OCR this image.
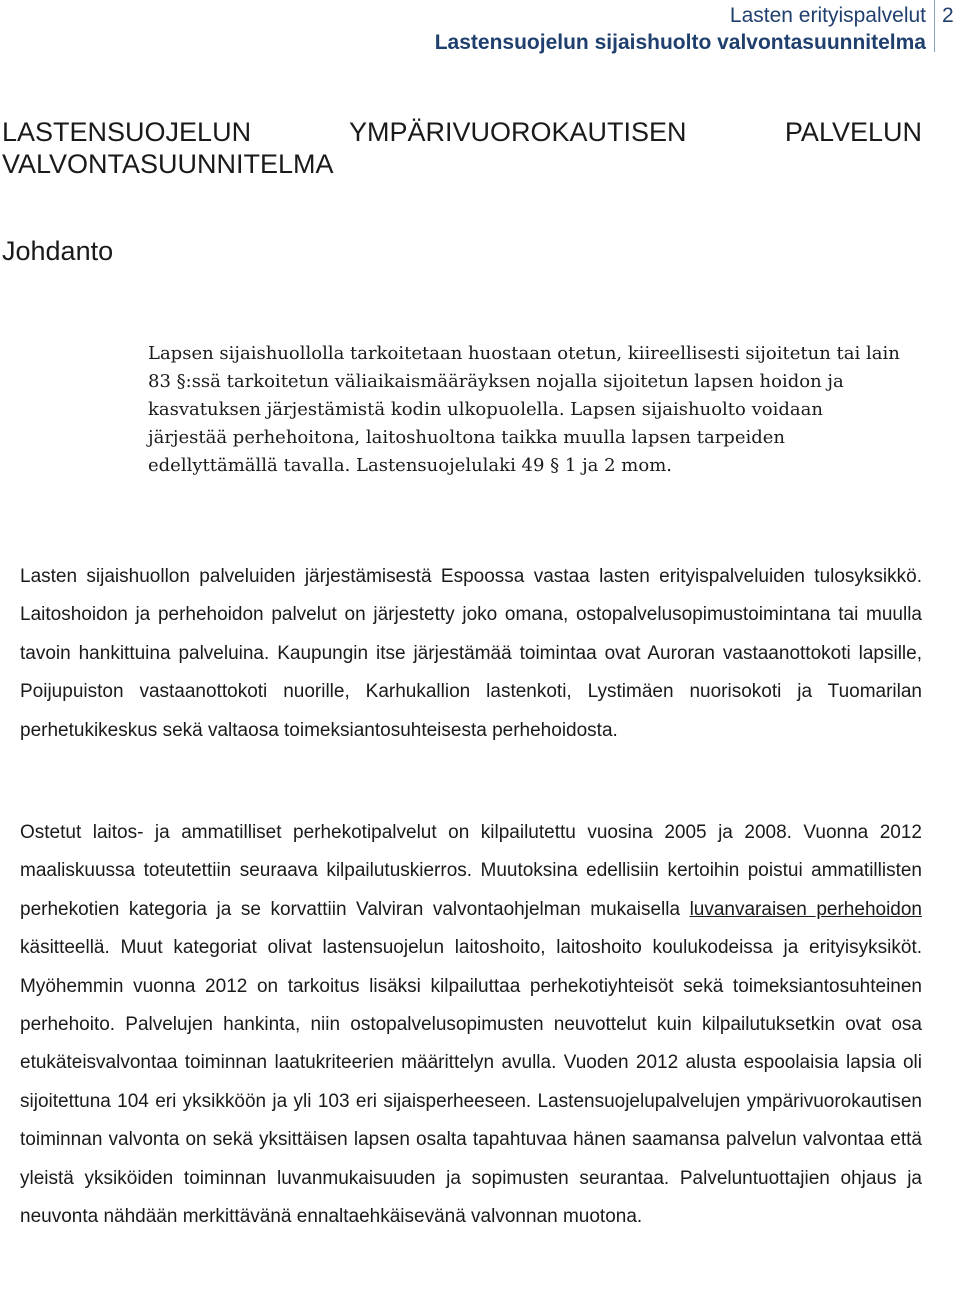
Lasten erityispalvelut
Lastensuojelun sijaishuolto valvontasuunnitelma
2
LASTENSUOJELUN YMPÄRIVUOROKAUTISEN PALVELUN
VALVONTASUUNNITELMA
Johdanto
Lapsen sijaishuollolla tarkoitetaan huostaan otetun, kiireellisesti sijoitetun tai lain 83 §:ssä tarkoitetun väliaikaismääräyksen nojalla sijoitetun lapsen hoidon ja kasvatuksen järjestämistä kodin ulkopuolella. Lapsen sijaishuolto voidaan järjestää perhehoitona, laitoshuoltona taikka muulla lapsen tarpeiden edellyttämällä tavalla. Lastensuojelulaki 49 § 1 ja 2 mom.
Lasten sijaishuollon palveluiden järjestämisestä Espoossa vastaa lasten erityispalveluiden tulosyksikkö. Laitoshoidon ja perhehoidon palvelut on järjestetty joko omana, ostopalvelusopimustoimintana tai muulla tavoin hankittuina palveluina. Kaupungin itse järjestämää toimintaa ovat Auroran vastaanottokoti lapsille, Poijupuiston vastaanottokoti nuorille, Karhukallion lastenkoti, Lystimäen nuorisokoti ja Tuomarilan perhetukikeskus sekä valtaosa toimeksiantosuhteisesta perhehoidosta.
Ostetut laitos- ja ammatilliset perhekotipalvelut on kilpailutettu vuosina 2005 ja 2008. Vuonna 2012 maaliskuussa toteutettiin seuraava kilpailutuskierros. Muutoksina edellisiin kertoihin poistui ammatillisten perhekotien kategoria ja se korvattiin Valviran valvontaohjelman mukaisella luvanvaraisen perhehoidon käsitteellä. Muut kategoriat olivat lastensuojelun laitoshoito, laitoshoito koulukodeissa ja erityisyksiköt. Myöhemmin vuonna 2012 on tarkoitus lisäksi kilpailuttaa perhekotiyhteisöt sekä toimeksiantosuhteinen perhehoito. Palvelujen hankinta, niin ostopalvelusopimusten neuvottelut kuin kilpailutuksetkin ovat osa etukäteisvalvontaa toiminnan laatukriteerien määrittelyn avulla. Vuoden 2012 alusta espoolaisia lapsia oli sijoitettuna 104 eri yksikköön ja yli 103 eri sijaisperheeseen. Lastensuojelupalvelujen ympärivuorokautisen toiminnan valvonta on sekä yksittäisen lapsen osalta tapahtuvaa hänen saamansa palvelun valvontaa että yleistä yksiköiden toiminnan luvanmukaisuuden ja sopimusten seurantaa. Palveluntuottajien ohjaus ja neuvonta nähdään merkittävänä ennaltaehkäisevänä valvonnan muotona.
